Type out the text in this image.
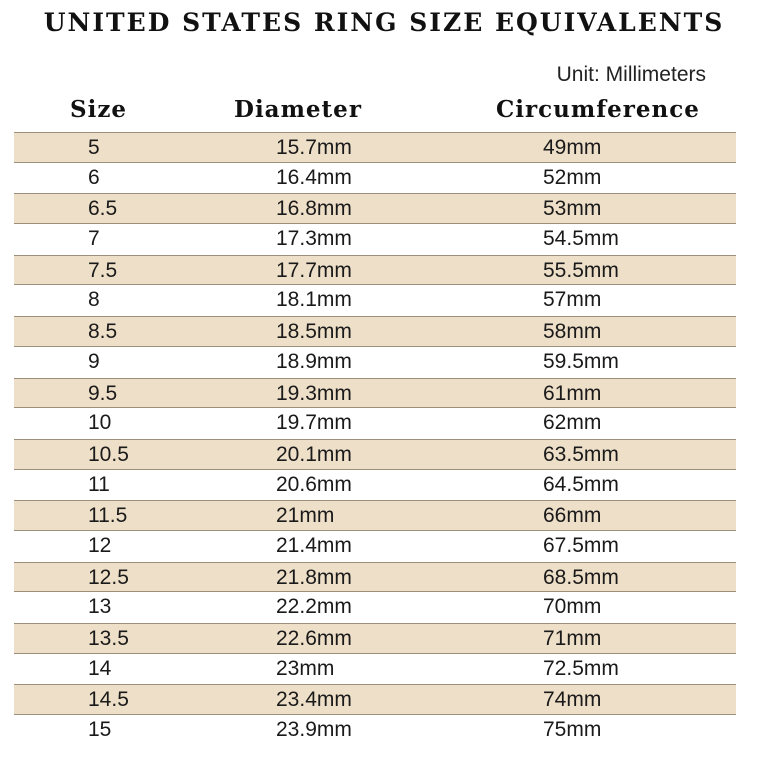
UNITED STATES RING SIZE EQUIVALENTS
Unit: Millimeters
Size	Diameter	Circumference
5	15.7mm	49mm
6	16.4mm	52mm
6.5	16.8mm	53mm
7	17.3mm	54.5mm
7.5	17.7mm	55.5mm
8	18.1mm	57mm
8.5	18.5mm	58mm
9	18.9mm	59.5mm
9.5	19.3mm	61mm
10	19.7mm	62mm
10.5	20.1mm	63.5mm
11	20.6mm	64.5mm
11.5	21mm	66mm
12	21.4mm	67.5mm
12.5	21.8mm	68.5mm
13	22.2mm	70mm
13.5	22.6mm	71mm
14	23mm	72.5mm
14.5	23.4mm	74mm
15	23.9mm	75mm
